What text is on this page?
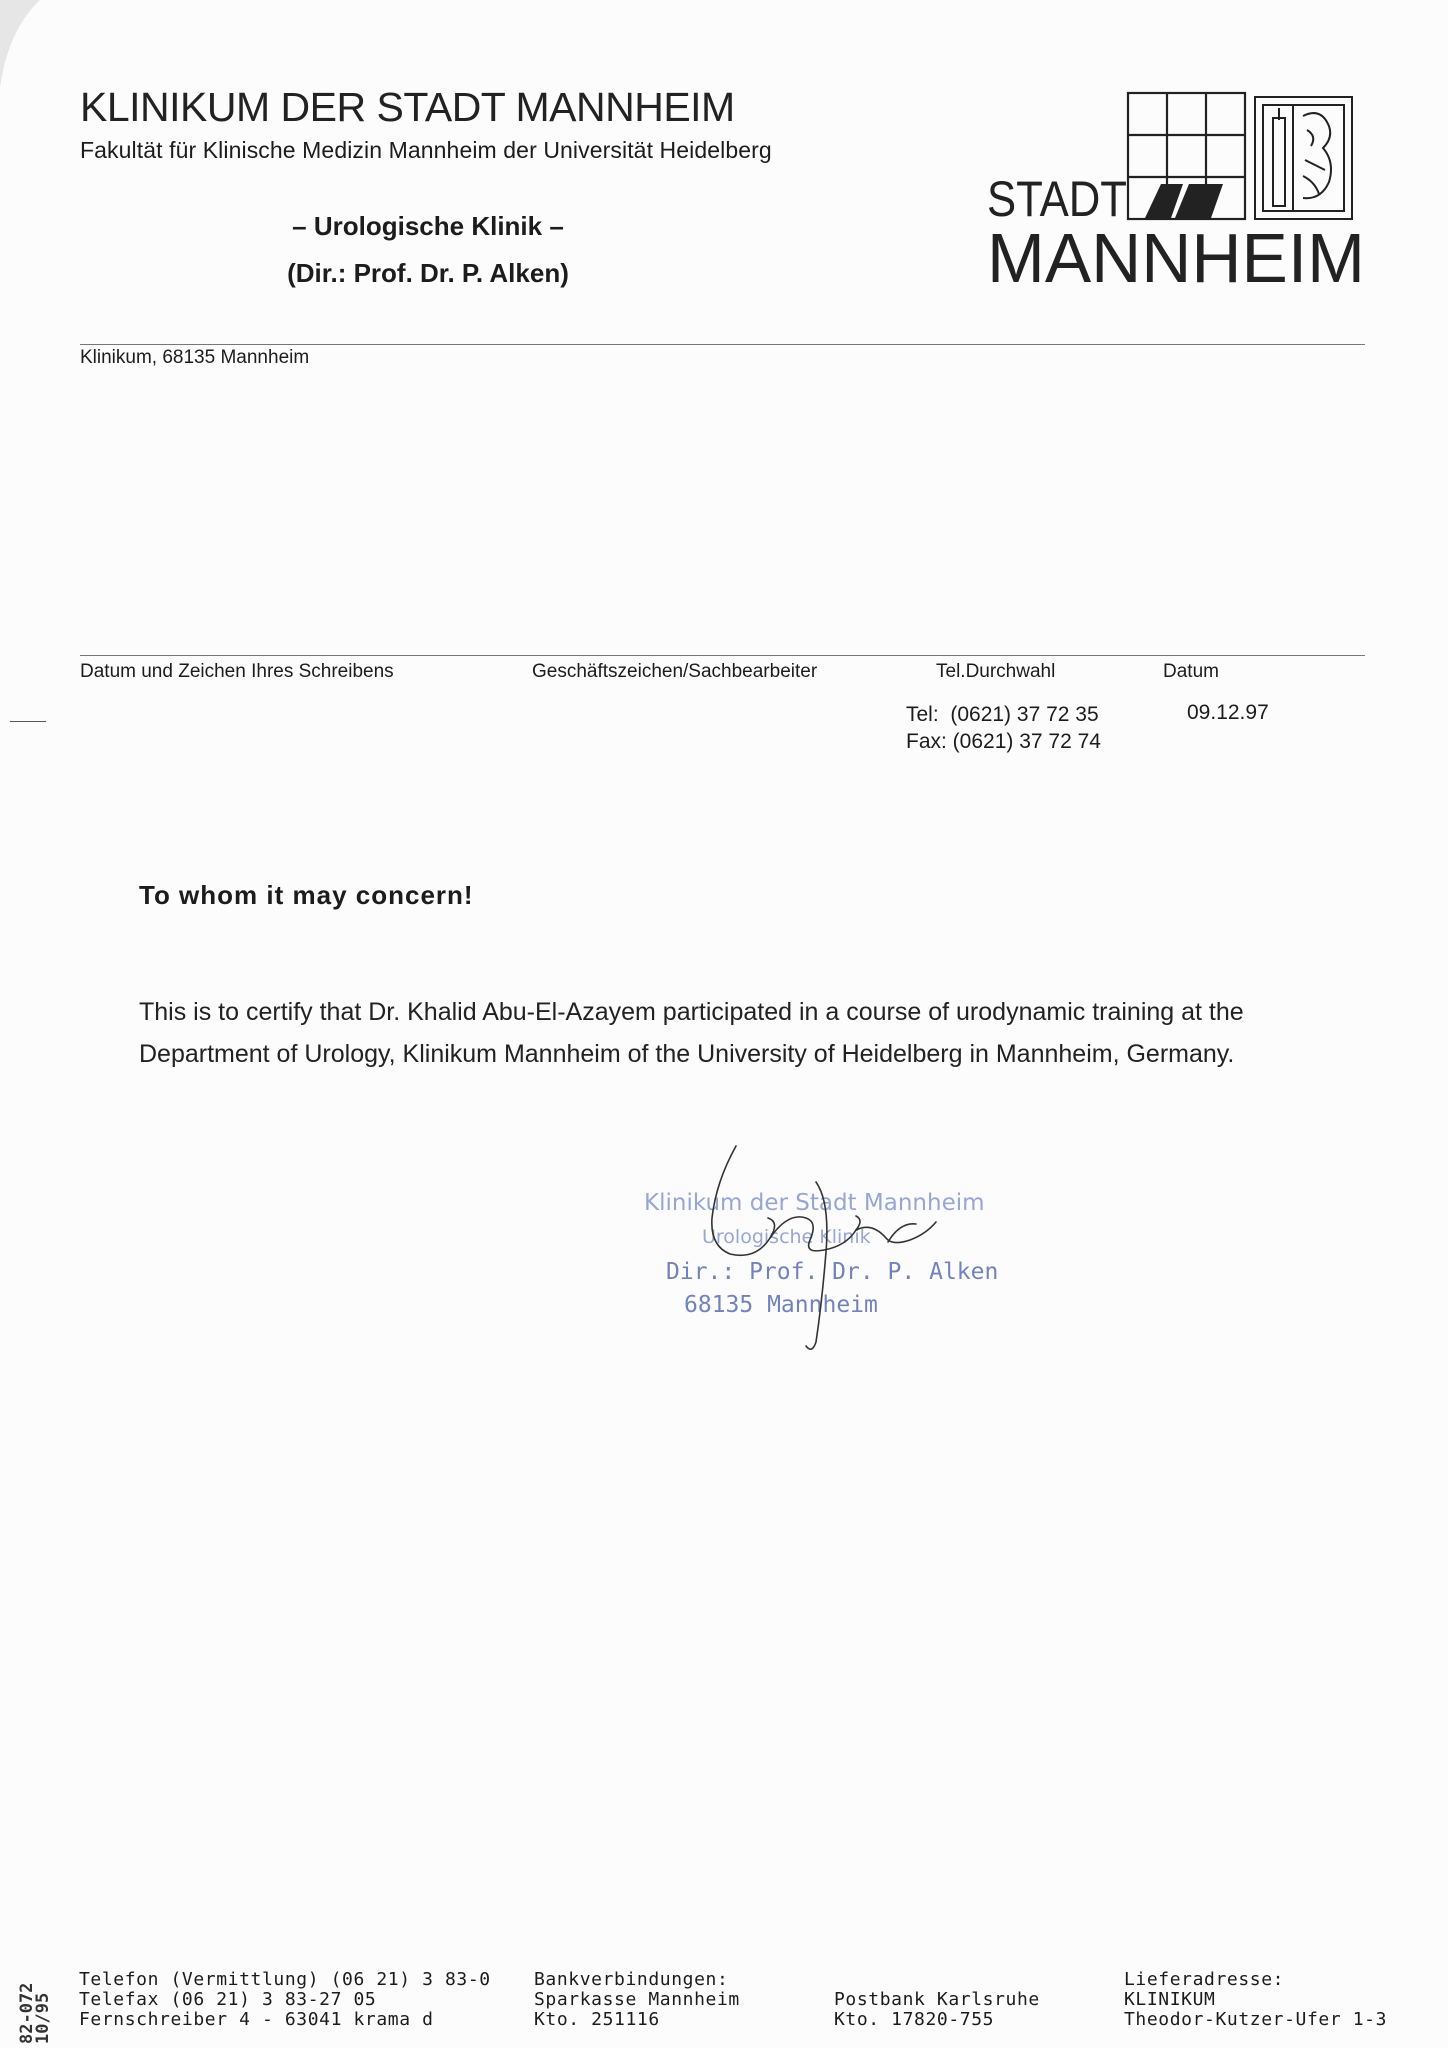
KLINIKUM DER STADT MANNHEIM
Fakultät für Klinische Medizin Mannheim der Universität Heidelberg
– Urologische Klinik –
(Dir.: Prof. Dr. P. Alken)
STADT
MANNHEIM
Klinikum, 68135 Mannheim
Datum und Zeichen Ihres Schreibens	Geschäftszeichen/Sachbearbeiter	Tel.Durchwahl	Datum
Tel:  (0621) 37 72 35
Fax: (0621) 37 72 74
09.12.97
To whom it may concern!
This is to certify that Dr. Khalid Abu-El-Azayem participated in a course of urodynamic training at the
Department of Urology, Klinikum Mannheim of the University of Heidelberg in Mannheim, Germany.
Klinikum der Stadt Mannheim
Urologische Klinik
Dir.: Prof. Dr. P. Alken
68135 Mannheim
82-072
10/95
Telefon (Vermittlung) (06 21) 3 83-0
Telefax (06 21) 3 83-27 05
Fernschreiber 4 - 63041 krama d
Bankverbindungen:
Sparkasse Mannheim
Kto. 251116
Postbank Karlsruhe
Kto. 17820-755
Lieferadresse:
KLINIKUM
Theodor-Kutzer-Ufer 1-3
